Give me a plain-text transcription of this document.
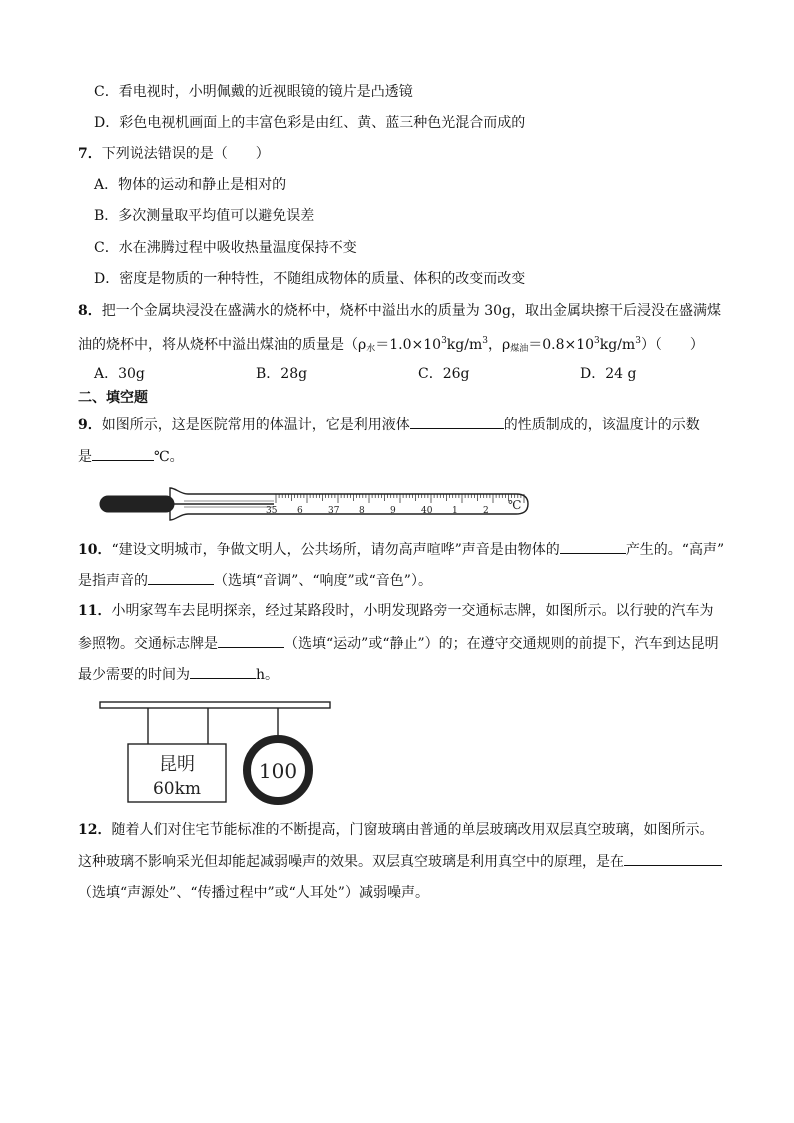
C．看电视时，小明佩戴的近视眼镜的镜片是凸透镜
D．彩色电视机画面上的丰富色彩是由红、黄、蓝三种色光混合而成的
7．下列说法错误的是（　　）
A．物体的运动和静止是相对的
B．多次测量取平均值可以避免误差
C．水在沸腾过程中吸收热量温度保持不变
D．密度是物质的一种特性，不随组成物体的质量、体积的改变而改变
8．把一个金属块浸没在盛满水的烧杯中，烧杯中溢出水的质量为 30g，取出金属块擦干后浸没在盛满煤
油的烧杯中，将从烧杯中溢出煤油的质量是（$\rho_水=1.0\times 10^3kg/m^3$，$\rho_{煤油}=0.8\times 10^3kg/m^3$）（　　）
A．30g	B．28g	C．26g	D．24 g
二、填空题
9．如图所示，这是医院常用的体温计，它是利用液体	的性质制成的，该温度计的示数
是	℃。
35 6	37 8	9	40 1	2 ℃
10．“建设文明城市，争做文明人，公共场所，请勿高声喧哗”声音是由物体的	产生的。“高声”
是指声音的	（选填“音调”、“响度”或“音色”）。
11．小明家驾车去昆明探亲，经过某路段时，小明发现路旁一交通标志牌，如图所示。以行驶的汽车为
参照物。交通标志牌是	（选填“运动”或“静止”）的；在遵守交通规则的前提下，汽车到达昆明
最少需要的时间为	h。
昆明
60km
100
12．随着人们对住宅节能标准的不断提高，门窗玻璃由普通的单层玻璃改用双层真空玻璃，如图所示。
这种玻璃不影响采光但却能起减弱噪声的效果。双层真空玻璃是利用真空中的原理，是在
（选填“声源处”、“传播过程中”或“人耳处”）减弱噪声。
